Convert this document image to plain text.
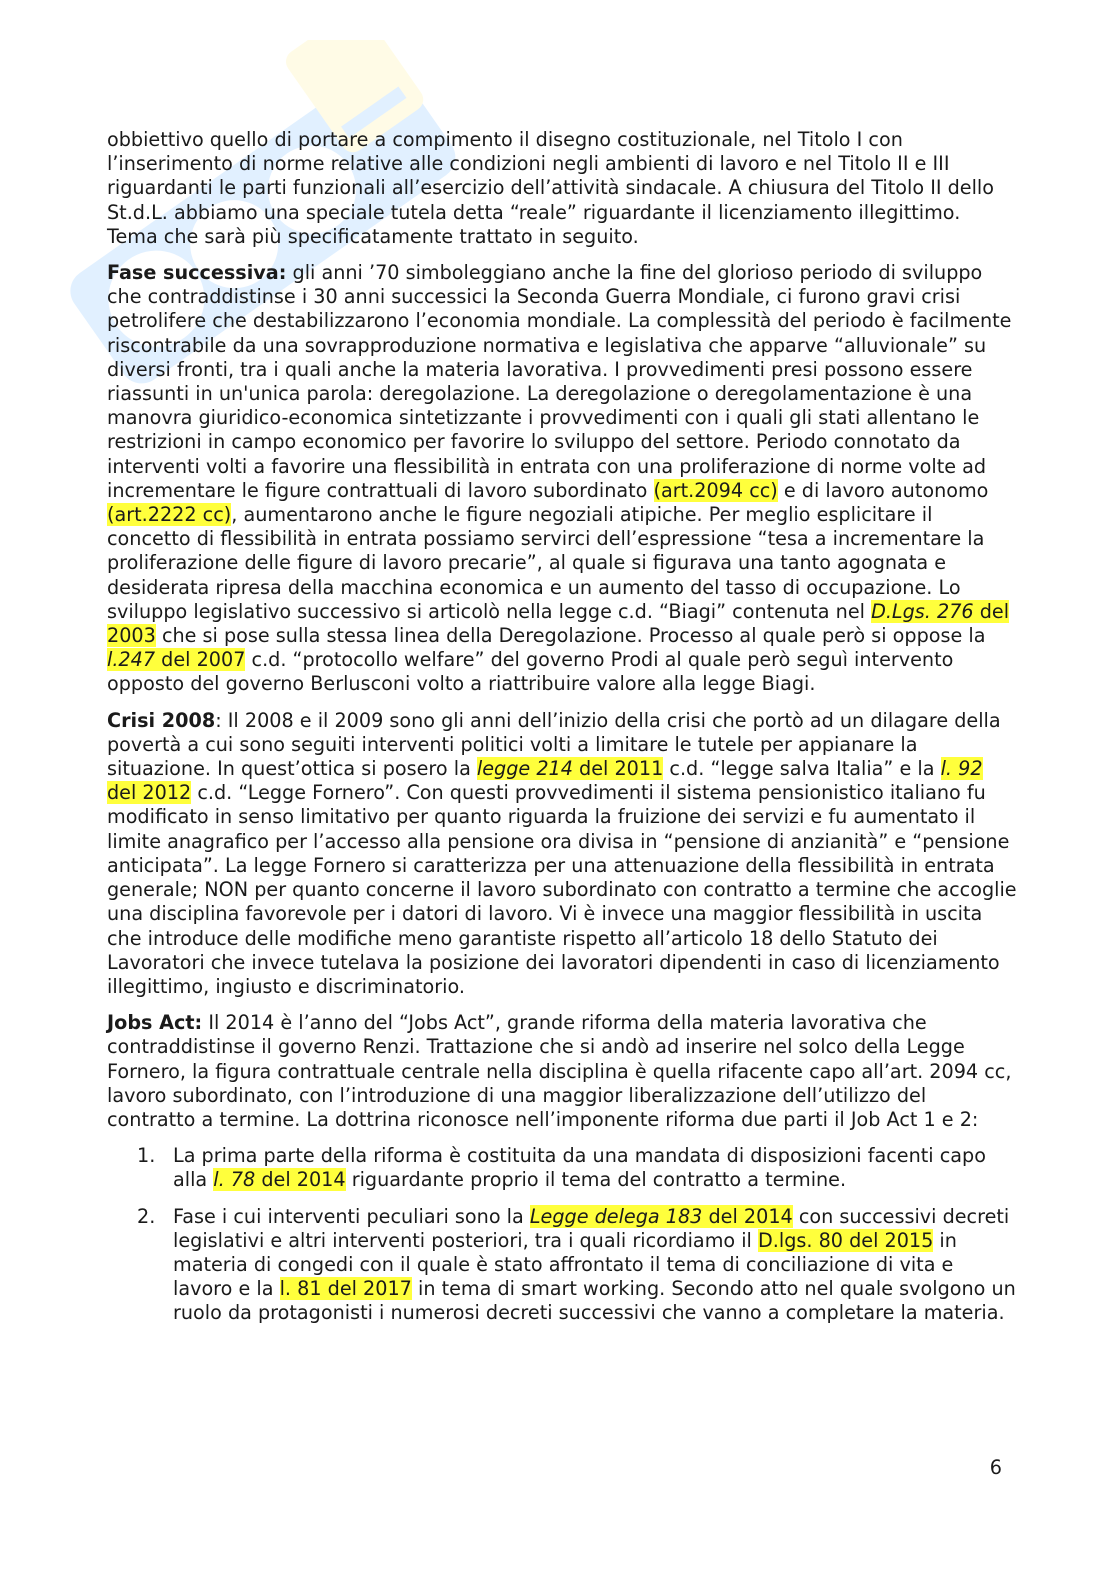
obbiettivo quello di portare a compimento il disegno costituzionale, nel Titolo I con l’inserimento di norme relative alle condizioni negli ambienti di lavoro e nel Titolo II e III riguardanti le parti funzionali all’esercizio dell’attività sindacale. A chiusura del Titolo II dello St.d.L. abbiamo una speciale tutela detta “reale” riguardante il licenziamento illegittimo. Tema che sarà più specificatamente trattato in seguito.

Fase successiva: gli anni ’70 simboleggiano anche la fine del glorioso periodo di sviluppo che contraddistinse i 30 anni successici la Seconda Guerra Mondiale, ci furono gravi crisi petrolifere che destabilizzarono l’economia mondiale. La complessità del periodo è facilmente riscontrabile da una sovrapproduzione normativa e legislativa che apparve “alluvionale” su diversi fronti, tra i quali anche la materia lavorativa. I provvedimenti presi possono essere riassunti in un'unica parola: deregolazione. La deregolazione o deregolamentazione è una manovra giuridico-economica sintetizzante i provvedimenti con i quali gli stati allentano le restrizioni in campo economico per favorire lo sviluppo del settore. Periodo connotato da interventi volti a favorire una flessibilità in entrata con una proliferazione di norme volte ad incrementare le figure contrattuali di lavoro subordinato (art.2094 cc) e di lavoro autonomo (art.2222 cc), aumentarono anche le figure negoziali atipiche. Per meglio esplicitare il concetto di flessibilità in entrata possiamo servirci dell’espressione “tesa a incrementare la proliferazione delle figure di lavoro precarie”, al quale si figurava una tanto agognata e desiderata ripresa della macchina economica e un aumento del tasso di occupazione. Lo sviluppo legislativo successivo si articolò nella legge c.d. “Biagi” contenuta nel D.Lgs. 276 del 2003 che si pose sulla stessa linea della Deregolazione. Processo al quale però si oppose la l.247 del 2007 c.d. “protocollo welfare” del governo Prodi al quale però seguì intervento opposto del governo Berlusconi volto a riattribuire valore alla legge Biagi.

Crisi 2008: Il 2008 e il 2009 sono gli anni dell’inizio della crisi che portò ad un dilagare della povertà a cui sono seguiti interventi politici volti a limitare le tutele per appianare la situazione. In quest’ottica si posero la legge 214 del 2011 c.d. “legge salva Italia” e la l. 92 del 2012 c.d. “Legge Fornero”. Con questi provvedimenti il sistema pensionistico italiano fu modificato in senso limitativo per quanto riguarda la fruizione dei servizi e fu aumentato il limite anagrafico per l’accesso alla pensione ora divisa in “pensione di anzianità” e “pensione anticipata”. La legge Fornero si caratterizza per una attenuazione della flessibilità in entrata generale; NON per quanto concerne il lavoro subordinato con contratto a termine che accoglie una disciplina favorevole per i datori di lavoro. Vi è invece una maggior flessibilità in uscita che introduce delle modifiche meno garantiste rispetto all’articolo 18 dello Statuto dei Lavoratori che invece tutelava la posizione dei lavoratori dipendenti in caso di licenziamento illegittimo, ingiusto e discriminatorio.

Jobs Act: Il 2014 è l’anno del “Jobs Act”, grande riforma della materia lavorativa che contraddistinse il governo Renzi. Trattazione che si andò ad inserire nel solco della Legge Fornero, la figura contrattuale centrale nella disciplina è quella rifacente capo all’art. 2094 cc, lavoro subordinato, con l’introduzione di una maggior liberalizzazione dell’utilizzo del contratto a termine. La dottrina riconosce nell’imponente riforma due parti il Job Act 1 e 2:

1. La prima parte della riforma è costituita da una mandata di disposizioni facenti capo alla l. 78 del 2014 riguardante proprio il tema del contratto a termine.
2. Fase i cui interventi peculiari sono la Legge delega 183 del 2014 con successivi decreti legislativi e altri interventi posteriori, tra i quali ricordiamo il D.lgs. 80 del 2015 in materia di congedi con il quale è stato affrontato il tema di conciliazione di vita e lavoro e la l. 81 del 2017 in tema di smart working. Secondo atto nel quale svolgono un ruolo da protagonisti i numerosi decreti successivi che vanno a completare la materia.
6
